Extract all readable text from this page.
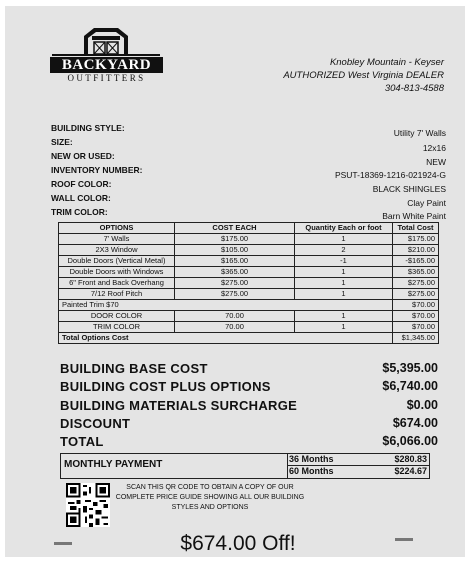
BACKYARD
OUTFITTERS
Knobley Mountain - Keyser
AUTHORIZED West Virginia DEALER
304-813-4588
BUILDING STYLE:	Utility 7' Walls
SIZE:
12x16
NEW OR USED:
NEW
INVENTORY NUMBER:	PSUT-18369-1216-021924-G
ROOF COLOR:	BLACK SHINGLES
WALL COLOR:	Clay Paint
TRIM COLOR:	Barn White Paint
OPTIONS	COST EACH	Quantity Each or foot	Total Cost
7' Walls	$175.00	1	$175.00
2X3 Window	$105.00	2	$210.00
Double Doors (Vertical Metal)	$165.00	-1	-$165.00
Double Doors with Windows	$365.00	1	$365.00
6" Front and Back Overhang	$275.00	1	$275.00
7/12 Roof Pitch	$275.00	1	$275.00
Painted Trim $70			$70.00
DOOR COLOR	70.00	1	$70.00
TRIM COLOR	70.00	1	$70.00
Total Options Cost			$1,345.00
BUILDING BASE COST	$5,395.00
BUILDING COST PLUS OPTIONS	$6,740.00
BUILDING MATERIALS SURCHARGE	$0.00
DISCOUNT	$674.00
TOTAL	$6,066.00
MONTHLY PAYMENT	36 Months	$280.83
60 Months	$224.67
SCAN THIS QR CODE TO OBTAIN A COPY OF OUR COMPLETE PRICE GUIDE SHOWING ALL OUR BUILDING STYLES AND OPTIONS
$674.00 Off!
